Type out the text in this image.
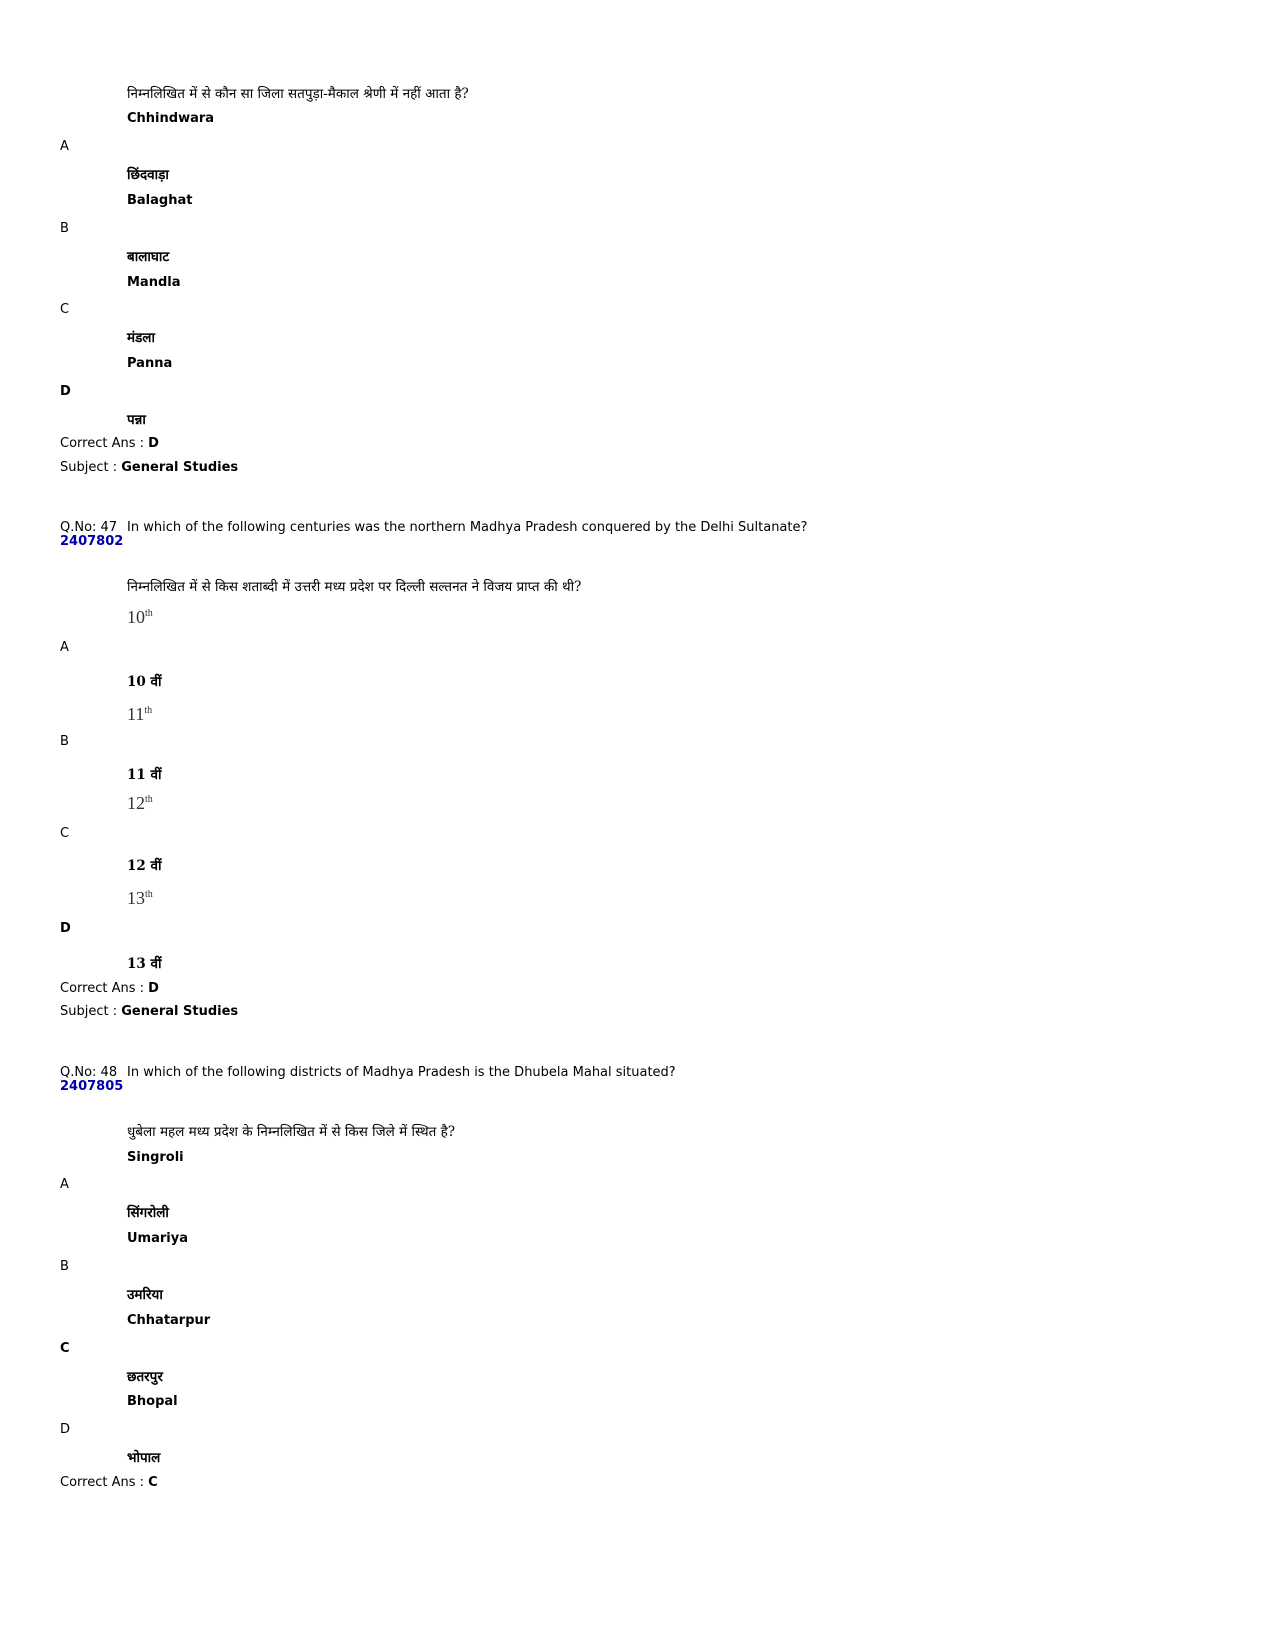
निम्नलिखित में से कौन सा जिला सतपुड़ा-मैकाल श्रेणी में नहीं आता है?
Chhindwara
A
छिंदवाड़ा
Balaghat
B
बालाघाट
Mandla
C
मंडला
Panna
D
पन्ना
Correct Ans : D
Subject : General Studies
Q.No: 47
2407802
In which of the following centuries was the northern Madhya Pradesh conquered by the Delhi Sultanate?
निम्नलिखित में से किस शताब्दी में उत्तरी मध्य प्रदेश पर दिल्ली सल्तनत ने विजय प्राप्त की थी?
10th
A
10 वीं
11th
B
11 वीं
12th
C
12 वीं
13th
D
13 वीं
Correct Ans : D
Subject : General Studies
Q.No: 48
2407805
In which of the following districts of Madhya Pradesh is the Dhubela Mahal situated?
धुबेला महल मध्य प्रदेश के निम्नलिखित में से किस जिले में स्थित है?
Singroli
A
सिंगरोली
Umariya
B
उमरिया
Chhatarpur
C
छतरपुर
Bhopal
D
भोपाल
Correct Ans : C
